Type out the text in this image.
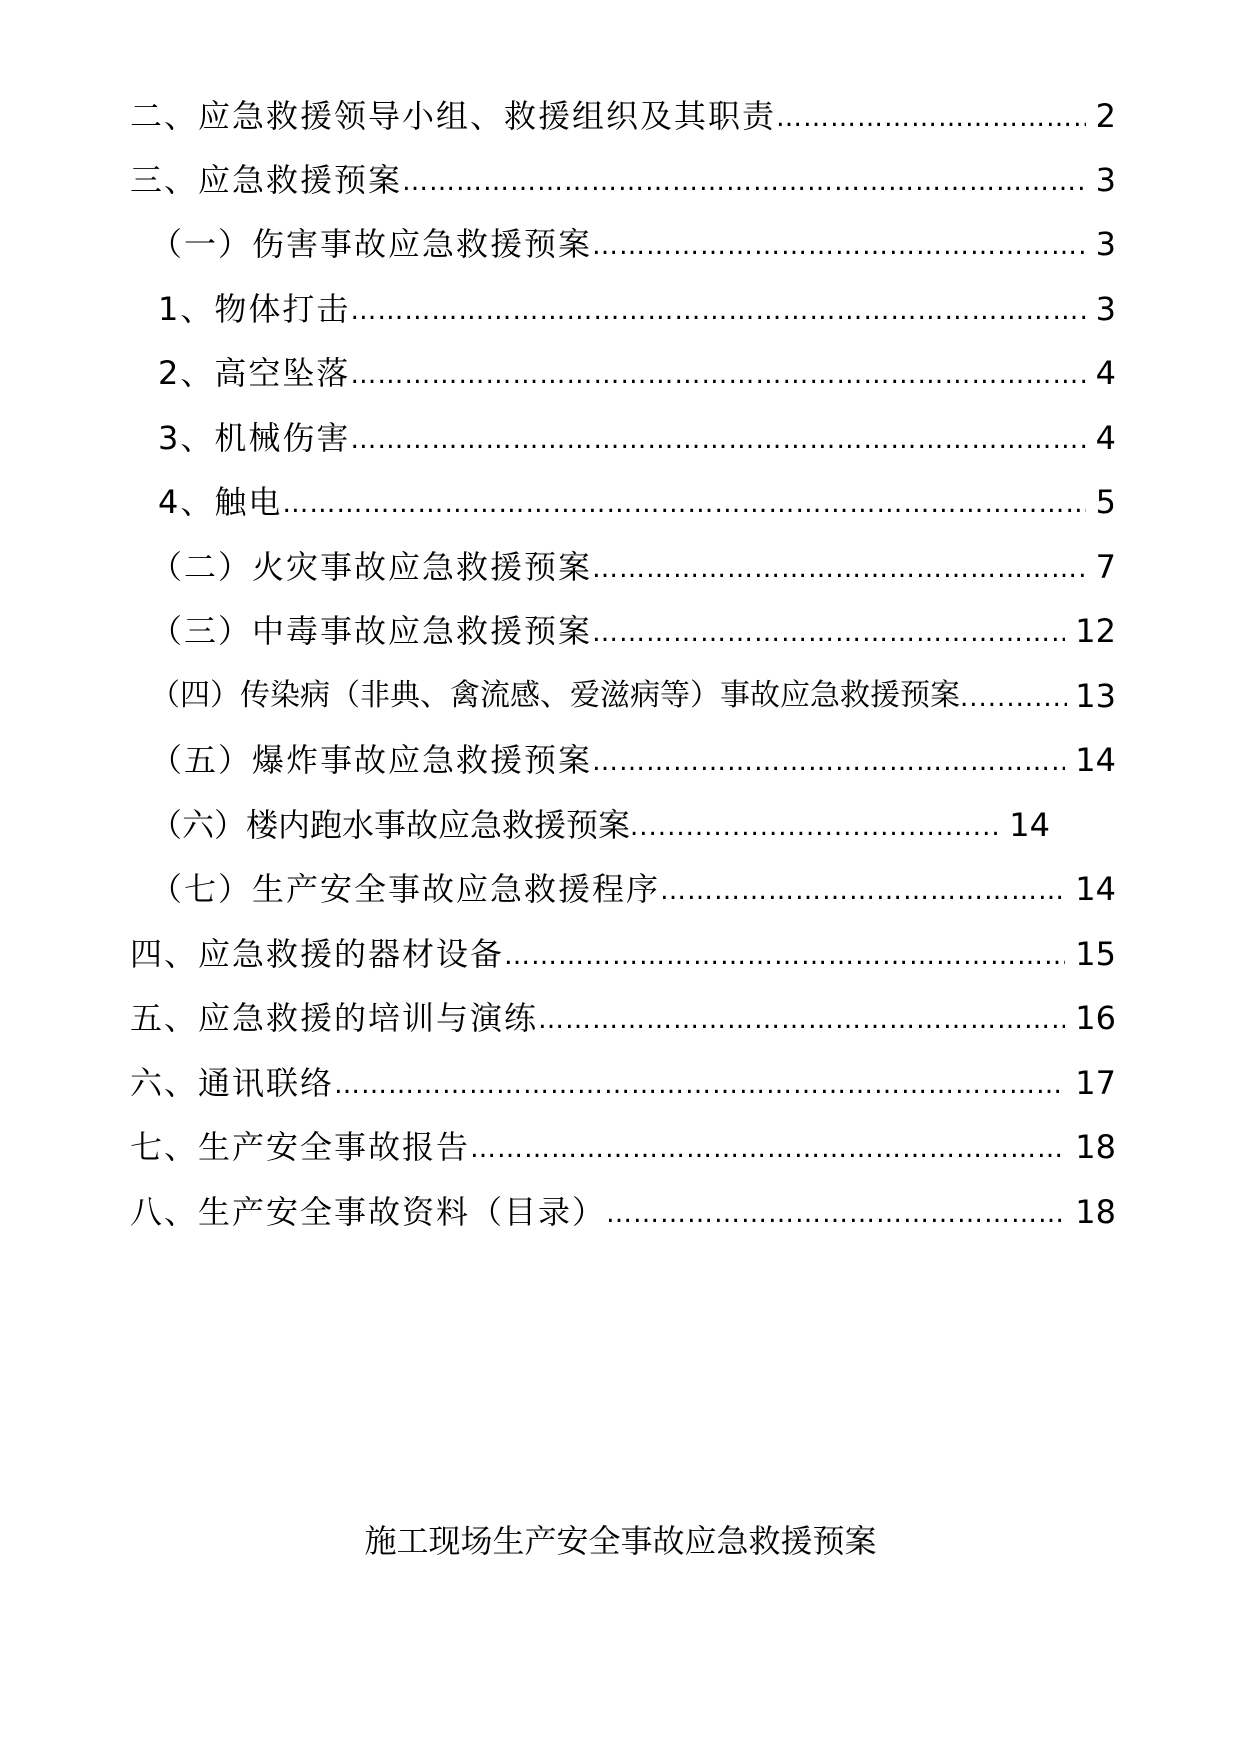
二、应急救援领导小组、救援组织及其职责 ………………………………………………………………………………………………………………………………………………………………	2
三、应急救援预案 ………………………………………………………………………………………………………………………………………………………………	3
（一）伤害事故应急救援预案 ………………………………………………………………………………………………………………………………………………………………	3
1、物体打击 ………………………………………………………………………………………………………………………………………………………………	3
2、高空坠落 ………………………………………………………………………………………………………………………………………………………………	4
3、机械伤害 ………………………………………………………………………………………………………………………………………………………………	4
4、触电 ………………………………………………………………………………………………………………………………………………………………	5
（二）火灾事故应急救援预案 ………………………………………………………………………………………………………………………………………………………………	7
（三）中毒事故应急救援预案 ………………………………………………………………………………………………………………………………………………………………	12
（四）传染病（非典、禽流感、爱滋病等）事故应急救援预案 .....	13
（五）爆炸事故应急救援预案 ………………………………………………………………………………………………………………………………………………………………	14
（六）楼内跑水事故应急救援预案 .....	14
（七）生产安全事故应急救援程序 ………………………………………………………………………………………………………………………………………………………………	14
四、应急救援的器材设备 ………………………………………………………………………………………………………………………………………………………………	15
五、应急救援的培训与演练 ………………………………………………………………………………………………………………………………………………………………	16
六、通讯联络 ………………………………………………………………………………………………………………………………………………………………	17
七、生产安全事故报告 ………………………………………………………………………………………………………………………………………………………………	18
八、生产安全事故资料（目录） ………………………………………………………………………………………………………………………………………………………………	18
施工现场生产安全事故应急救援预案
